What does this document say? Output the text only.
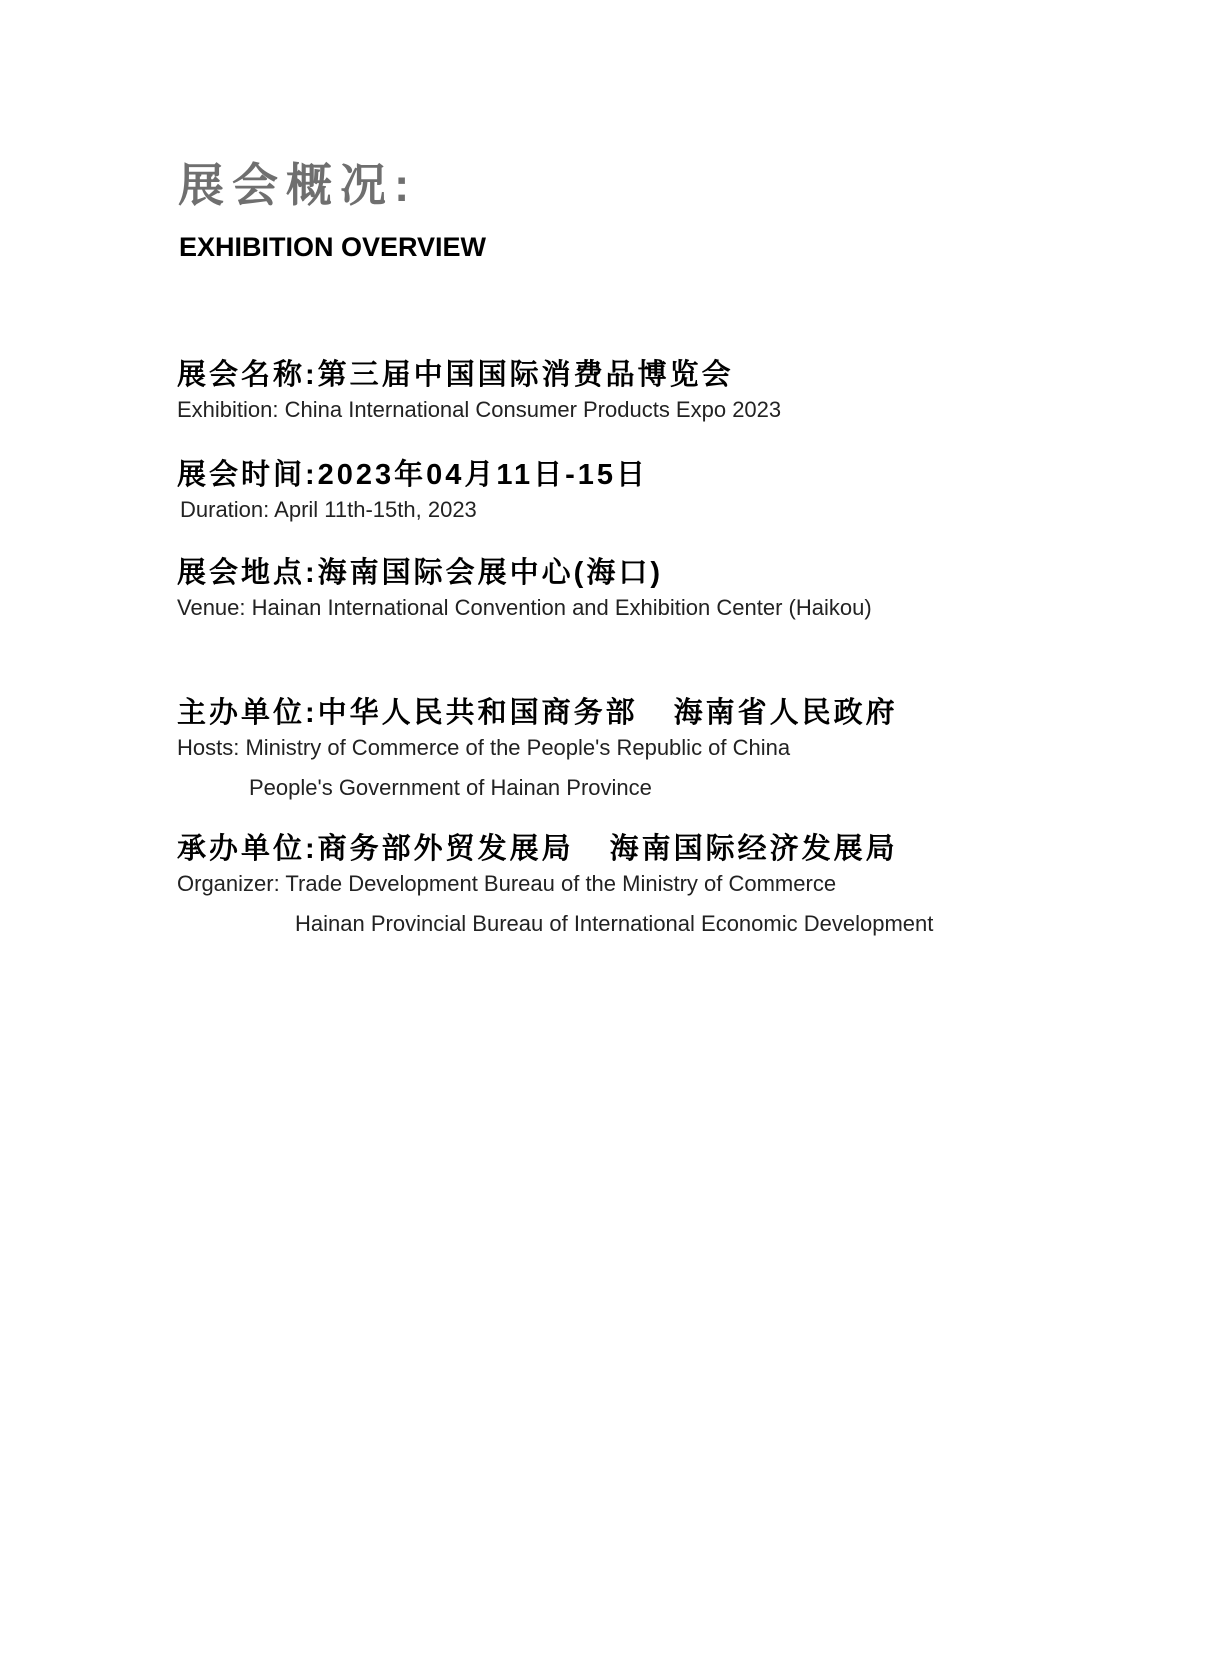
展会概况:
EXHIBITION OVERVIEW
展会名称:第三届中国国际消费品博览会
Exhibition: China International Consumer Products Expo 2023
展会时间:2023年04月11日-15日
Duration: April 11th-15th, 2023
展会地点:海南国际会展中心(海口)
Venue: Hainan International Convention and Exhibition Center (Haikou)
主办单位:中华人民共和国商务部 海南省人民政府
Hosts: Ministry of Commerce of the People's Republic of China
People's Government of Hainan Province
承办单位:商务部外贸发展局 海南国际经济发展局
Organizer: Trade Development Bureau of the Ministry of Commerce
Hainan Provincial Bureau of International Economic Development
